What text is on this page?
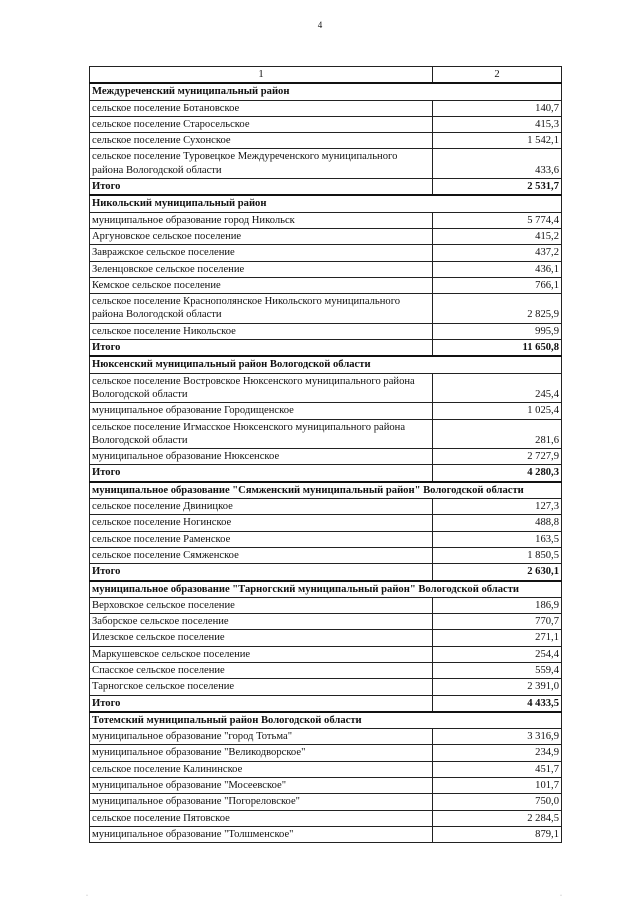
4
1	2
Междуреченский муниципальный район	
сельское поселение Ботановское	140,7
сельское поселение Старосельское	415,3
сельское поселение Сухонское	1 542,1
сельское поселение Туровецкое Междуреченского муниципального района Вологодской области	433,6
Итого	2 531,7
Никольский муниципальный район	
муниципальное образование город Никольск	5 774,4
Аргуновское сельское поселение	415,2
Завражское сельское поселение	437,2
Зеленцовское сельское поселение	436,1
Кемское сельское поселение	766,1
сельское поселение Краснополянское Никольского муниципального района Вологодской области	2 825,9
сельское поселение Никольское	995,9
Итого	11 650,8
Нюксенский муниципальный район Вологодской области	
сельское поселение Востровское Нюксенского муниципального района Вологодской области	245,4
муниципальное образование Городищенское	1 025,4
сельское поселение Игмасское Нюксенского муниципального района Вологодской области	281,6
муниципальное образование Нюксенское	2 727,9
Итого	4 280,3
муниципальное образование "Сямженский муниципальный район" Вологодской области	
сельское поселение Двиницкое	127,3
сельское поселение Ногинское	488,8
сельское поселение Раменское	163,5
сельское поселение Сямженское	1 850,5
Итого	2 630,1
муниципальное образование "Тарногский муниципальный район" Вологодской области	
Верховское сельское поселение	186,9
Заборское сельское поселение	770,7
Илезское сельское поселение	271,1
Маркушевское сельское поселение	254,4
Спасское сельское поселение	559,4
Тарногское сельское поселение	2 391,0
Итого	4 433,5
Тотемский муниципальный район Вологодской области	
муниципальное образование "город Тотьма"	3 316,9
муниципальное образование "Великодворское"	234,9
сельское поселение Калининское	451,7
муниципальное образование "Мосеевское"	101,7
муниципальное образование "Погореловское"	750,0
сельское поселение Пятовское	2 284,5
муниципальное образование "Толшменское"	879,1
·	·
